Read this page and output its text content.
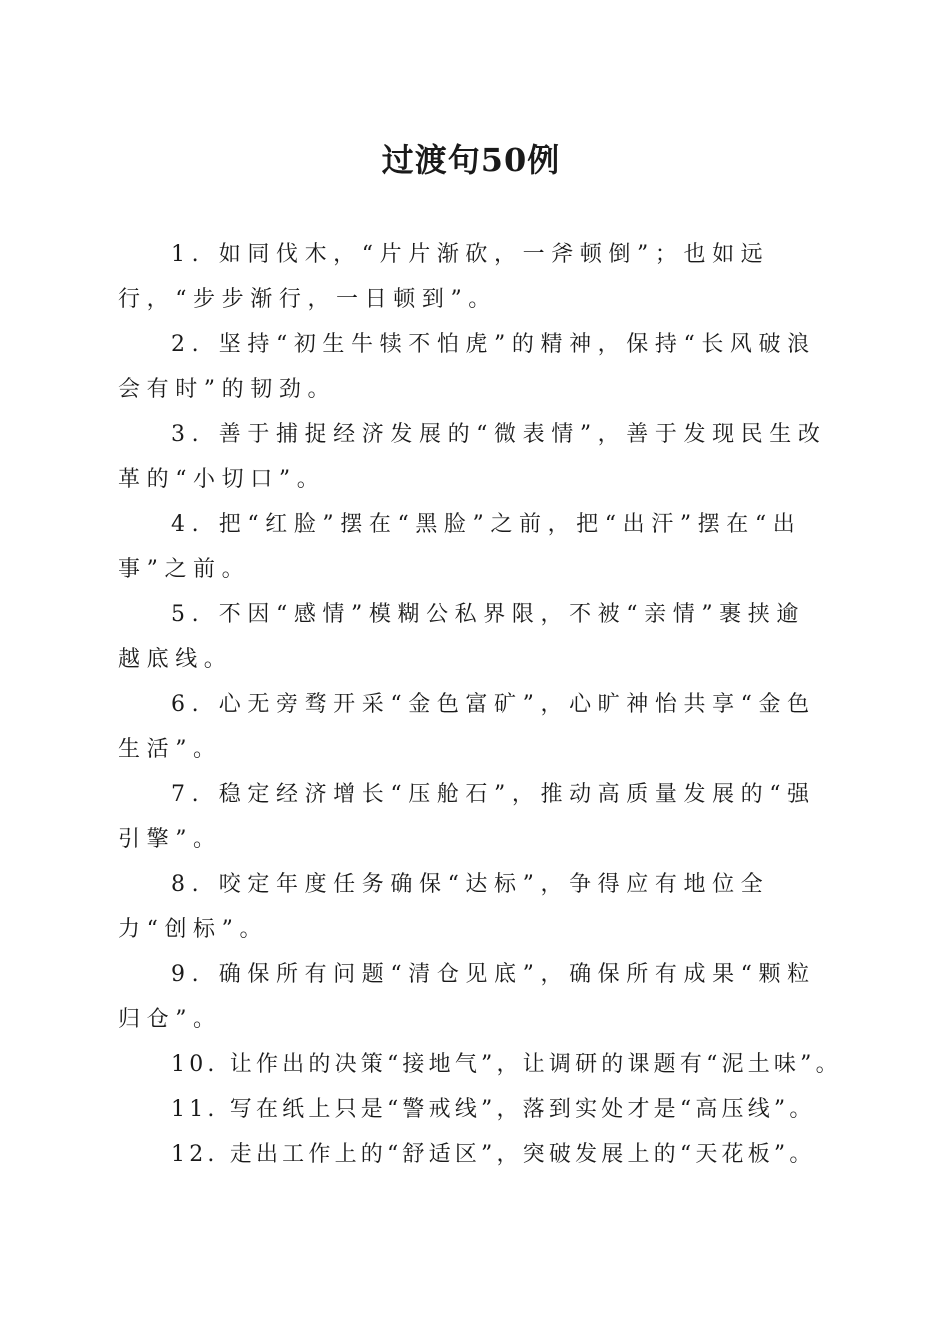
过渡句50例
1. 如同伐木，“片片渐砍，一斧顿倒”；也如远行，“步步渐行，一日顿到”。
2. 坚持“初生牛犊不怕虎”的精神，保持“长风破浪会有时”的韧劲。
3. 善于捕捉经济发展的“微表情”，善于发现民生改革的“小切口”。
4. 把“红脸”摆在“黑脸”之前，把“出汗”摆在“出事”之前。
5. 不因“感情”模糊公私界限，不被“亲情”裹挟逾越底线。
6. 心无旁骛开采“金色富矿”，心旷神怡共享“金色生活”。
7. 稳定经济增长“压舱石”，推动高质量发展的“强引擎”。
8. 咬定年度任务确保“达标”，争得应有地位全力“创标”。
9. 确保所有问题“清仓见底”，确保所有成果“颗粒归仓”。
10. 让作出的决策“接地气”，让调研的课题有“泥土味”。
11. 写在纸上只是“警戒线”，落到实处才是“高压线”。
12. 走出工作上的“舒适区”，突破发展上的“天花板”。
